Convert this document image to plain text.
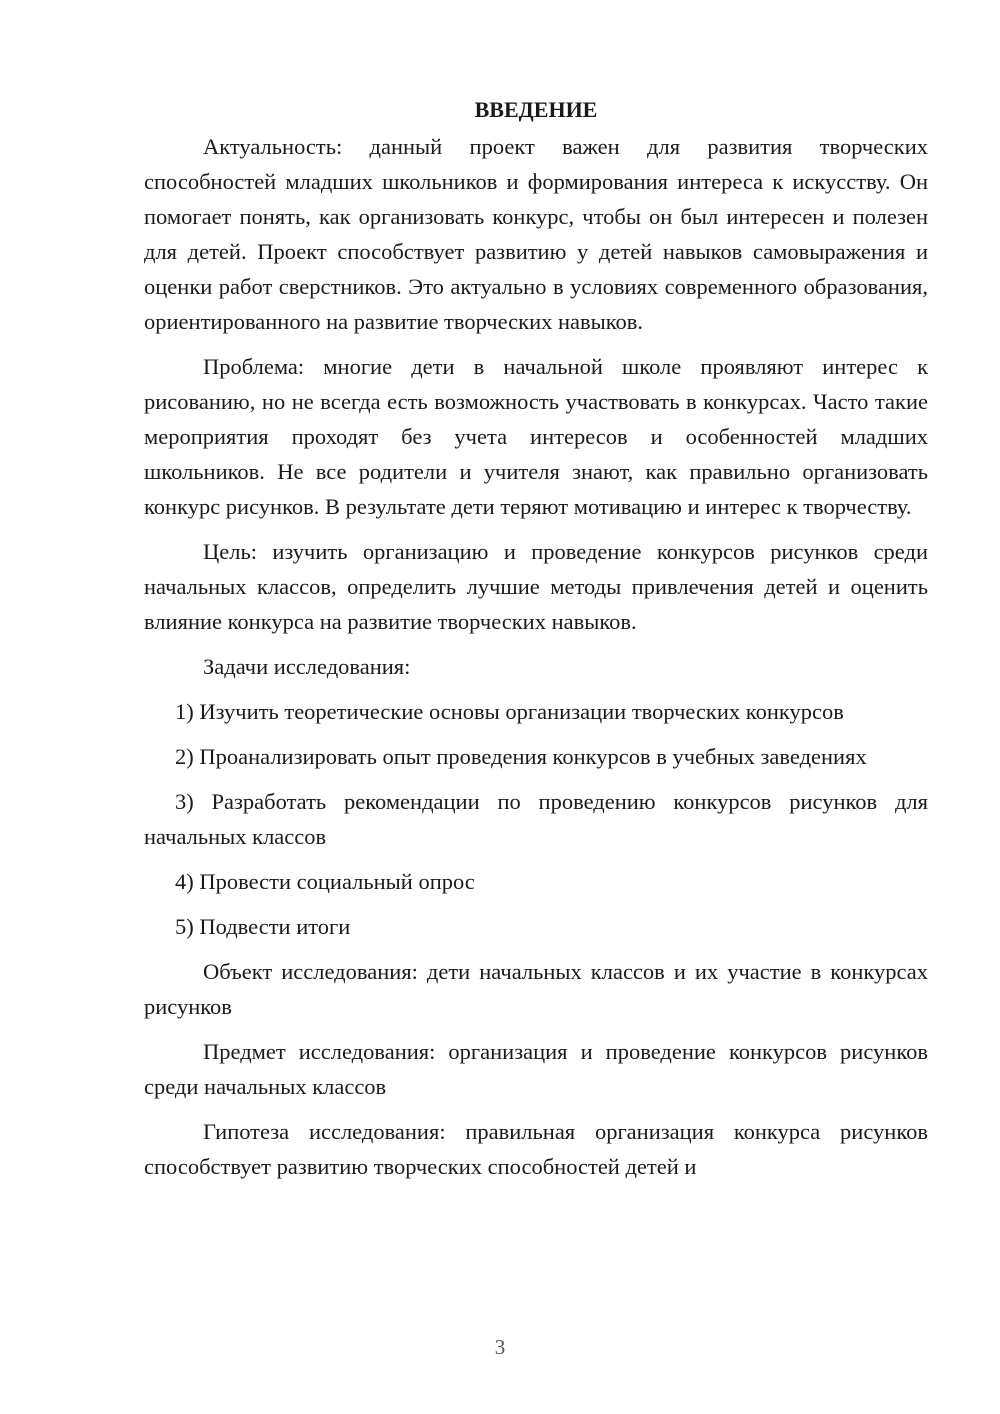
ВВЕДЕНИЕ

Актуальность: данный проект важен для развития творческих способностей младших школьников и формирования интереса к искусству. Он помогает понять, как организовать конкурс, чтобы он был интересен и полезен для детей. Проект способствует развитию у детей навыков самовыражения и оценки работ сверстников. Это актуально в условиях современного образования, ориентированного на развитие творческих навыков.

Проблема: многие дети в начальной школе проявляют интерес к рисованию, но не всегда есть возможность участвовать в конкурсах. Часто такие мероприятия проходят без учета интересов и особенностей младших школьников. Не все родители и учителя знают, как правильно организовать конкурс рисунков. В результате дети теряют мотивацию и интерес к творчеству.

Цель: изучить организацию и проведение конкурсов рисунков среди начальных классов, определить лучшие методы привлечения детей и оценить влияние конкурса на развитие творческих навыков.

Задачи исследования:

1) Изучить теоретические основы организации творческих конкурсов

2) Проанализировать опыт проведения конкурсов в учебных заведениях

3) Разработать рекомендации по проведению конкурсов рисунков для начальных классов

4) Провести социальный опрос

5) Подвести итоги

Объект исследования: дети начальных классов и их участие в конкурсах рисунков

Предмет исследования: организация и проведение конкурсов рисунков среди начальных классов

Гипотеза исследования: правильная организация конкурса рисунков способствует развитию творческих способностей детей и

3
